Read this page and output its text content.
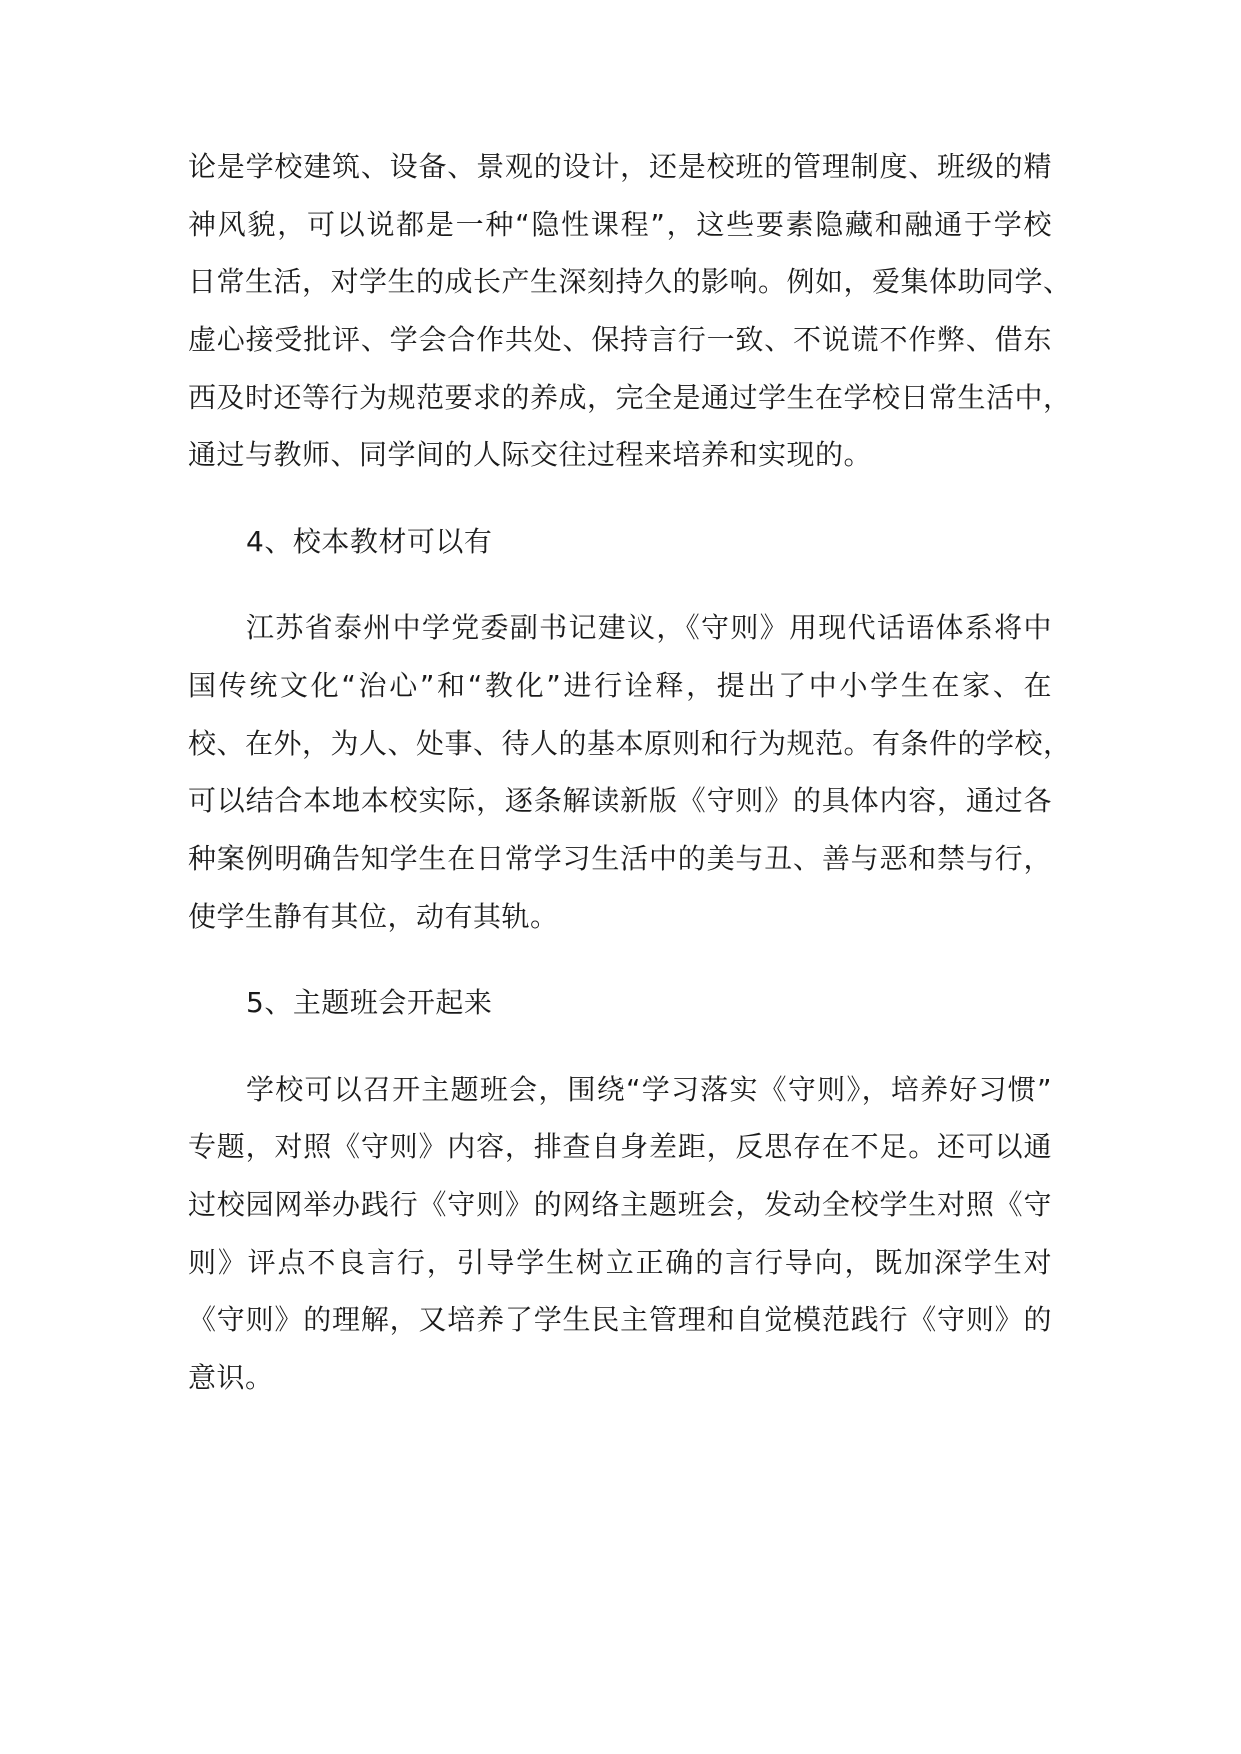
论是学校建筑、设备、景观的设计，还是校班的管理制度、班级的精
神风貌，可以说都是一种“隐性课程”，这些要素隐藏和融通于学校
日常生活，对学生的成长产生深刻持久的影响。例如，爱集体助同学、
虚心接受批评、学会合作共处、保持言行一致、不说谎不作弊、借东
西及时还等行为规范要求的养成，完全是通过学生在学校日常生活中，
通过与教师、同学间的人际交往过程来培养和实现的。
4、校本教材可以有
江苏省泰州中学党委副书记建议，《守则》用现代话语体系将中
国传统文化“治心”和“教化”进行诠释，提出了中小学生在家、在
校、在外，为人、处事、待人的基本原则和行为规范。有条件的学校，
可以结合本地本校实际，逐条解读新版《守则》的具体内容，通过各
种案例明确告知学生在日常学习生活中的美与丑、善与恶和禁与行，
使学生静有其位，动有其轨。
5、主题班会开起来
学校可以召开主题班会，围绕“学习落实《守则》，培养好习惯”
专题，对照《守则》内容，排查自身差距，反思存在不足。还可以通
过校园网举办践行《守则》的网络主题班会，发动全校学生对照《守
则》评点不良言行，引导学生树立正确的言行导向，既加深学生对
《守则》的理解，又培养了学生民主管理和自觉模范践行《守则》的
意识。
